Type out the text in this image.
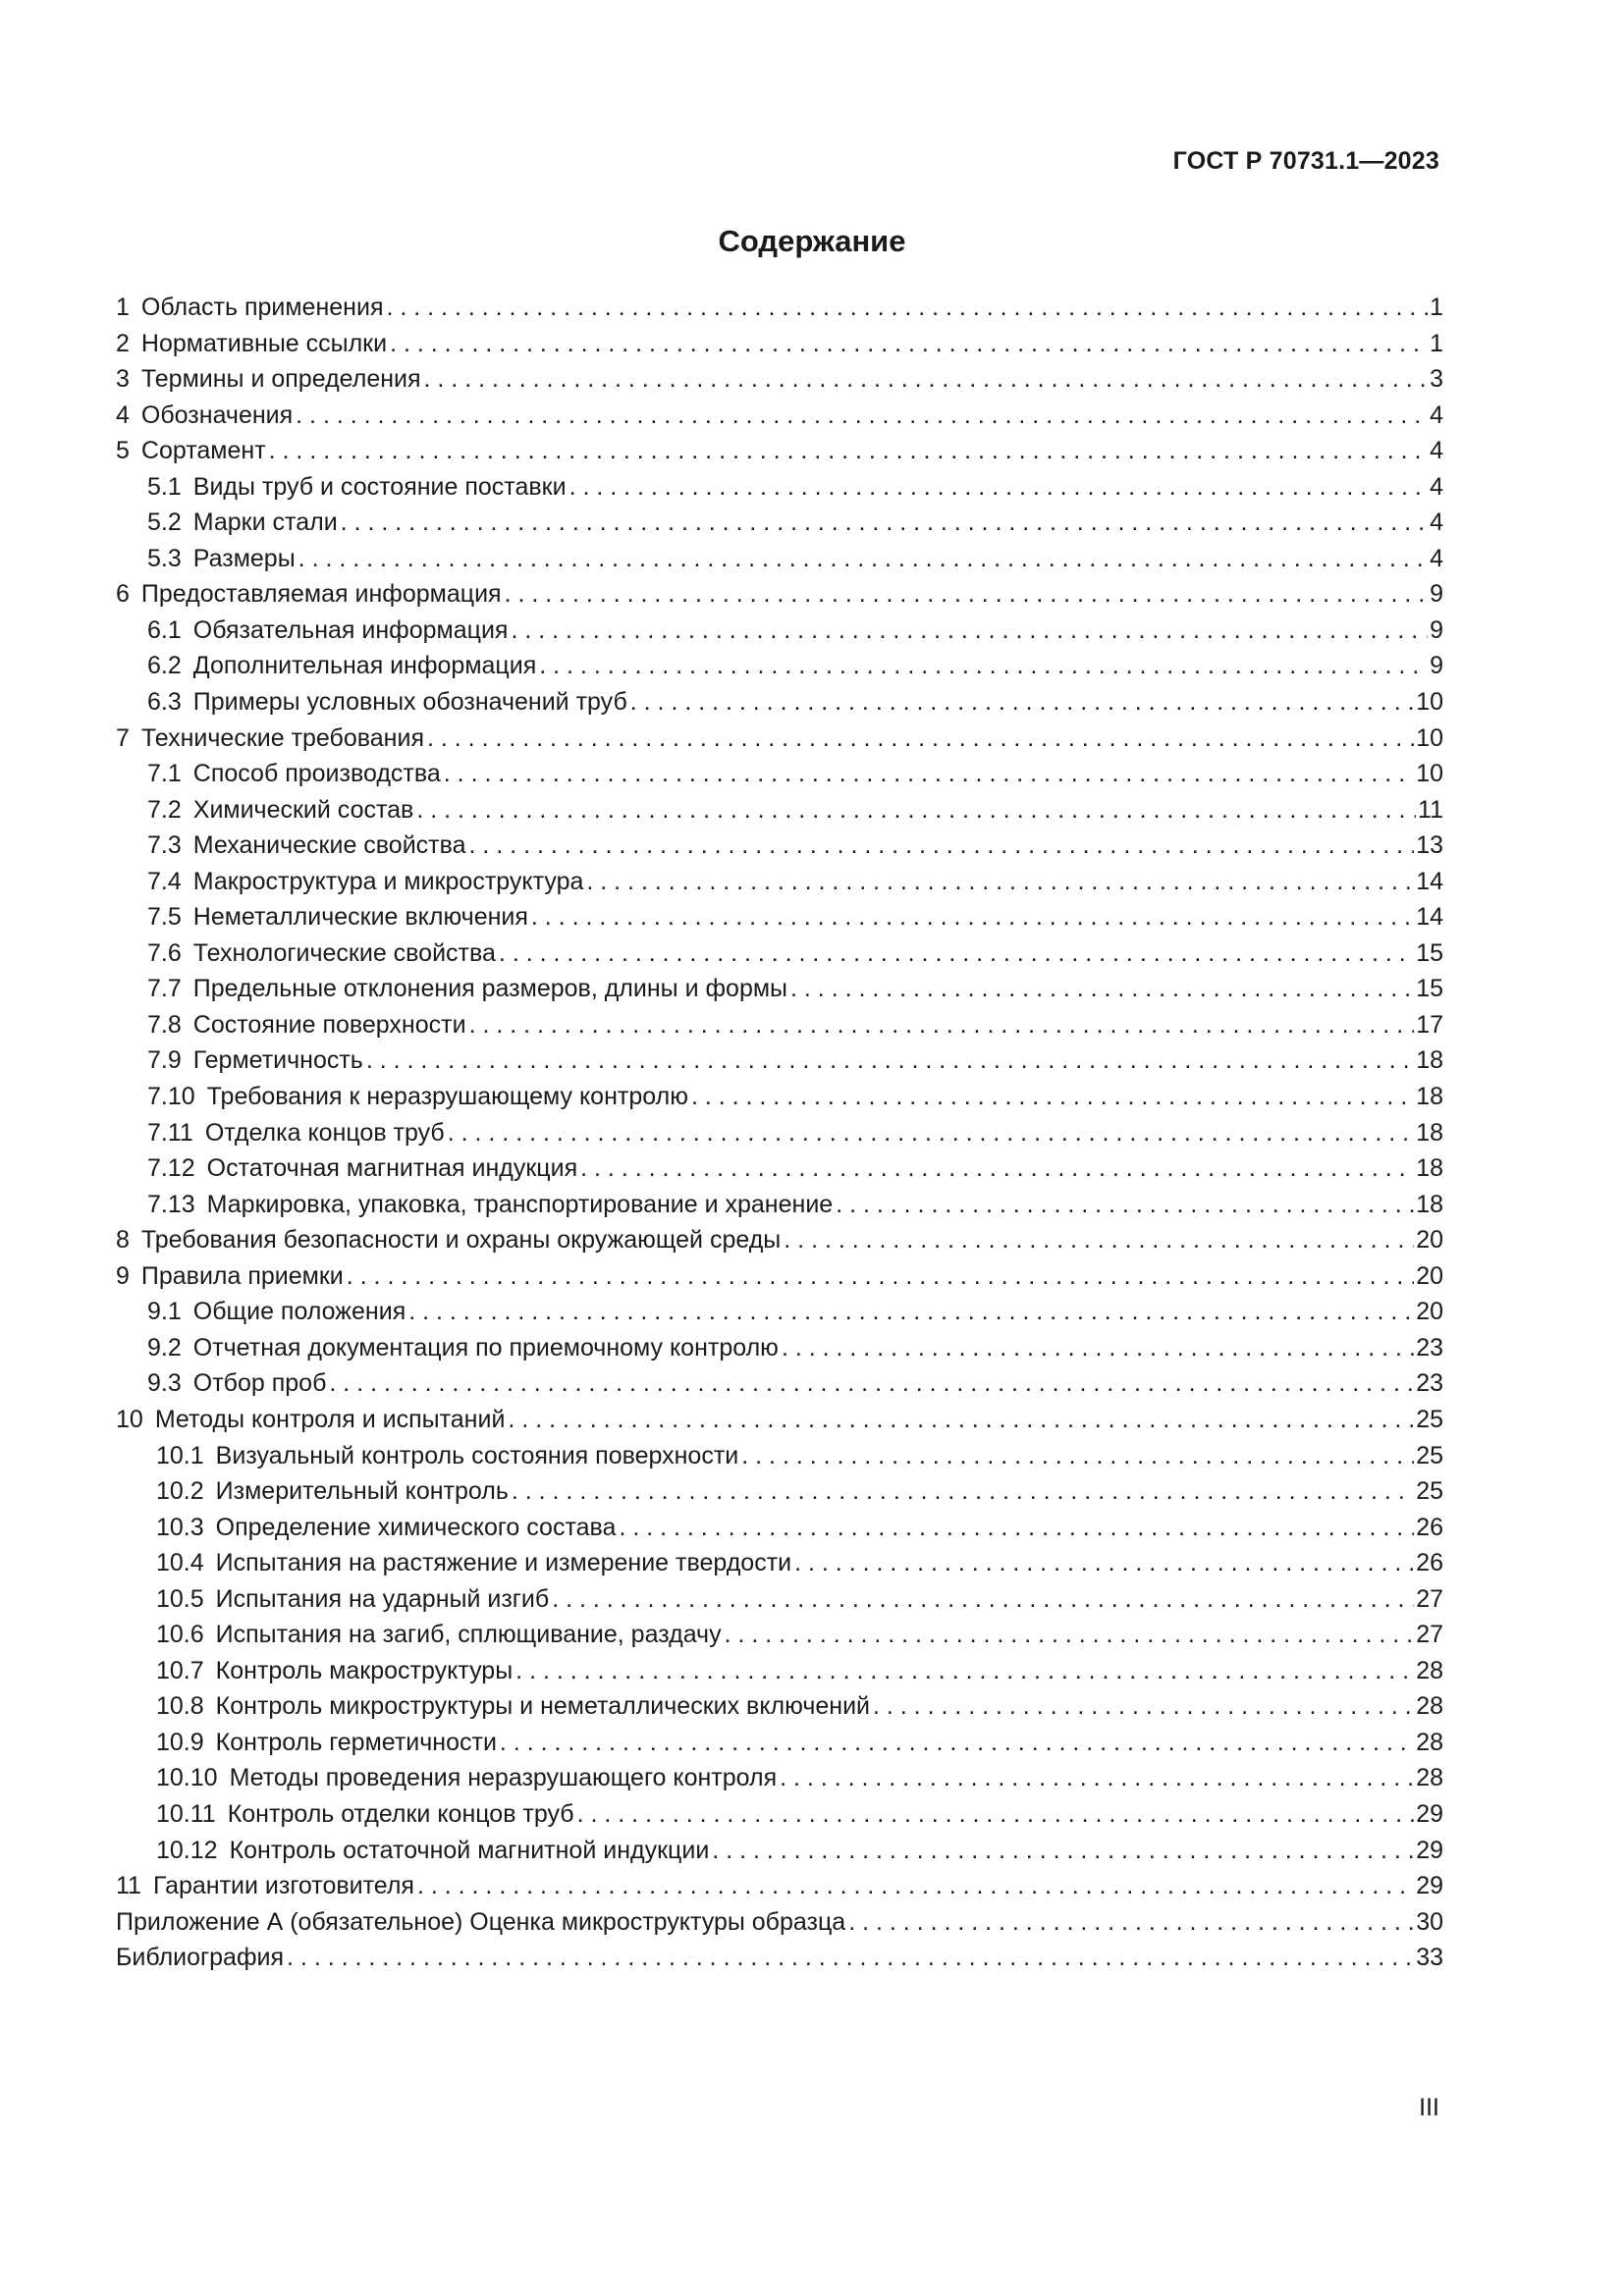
ГОСТ Р 70731.1—2023
Содержание
1 Область применения . . .	1
2 Нормативные ссылки . . .	1
3 Термины и определения . . .	3
4 Обозначения . . .	4
5 Сортамент . . .	4
5.1 Виды труб и состояние поставки . . .	4
5.2 Марки стали . . .	4
5.3 Размеры . . .	4
6 Предоставляемая информация . . .	9
6.1 Обязательная информация . . .	9
6.2 Дополнительная информация . . .	9
6.3 Примеры условных обозначений труб . . .	10
7 Технические требования . . .	10
7.1 Способ производства . . .	10
7.2 Химический состав . . .	11
7.3 Механические свойства . . .	13
7.4 Макроструктура и микроструктура . . .	14
7.5 Неметаллические включения . . .	14
7.6 Технологические свойства . . .	15
7.7 Предельные отклонения размеров, длины и формы . . .	15
7.8 Состояние поверхности . . .	17
7.9 Герметичность . . .	18
7.10 Требования к неразрушающему контролю . . .	18
7.11 Отделка концов труб . . .	18
7.12 Остаточная магнитная индукция . . .	18
7.13 Маркировка, упаковка, транспортирование и хранение . . .	18
8 Требования безопасности и охраны окружающей среды . . .	20
9 Правила приемки . . .	20
9.1 Общие положения . . .	20
9.2 Отчетная документация по приемочному контролю . . .	23
9.3 Отбор проб . . .	23
10 Методы контроля и испытаний . . .	25
10.1 Визуальный контроль состояния поверхности . . .	25
10.2 Измерительный контроль . . .	25
10.3 Определение химического состава . . .	26
10.4 Испытания на растяжение и измерение твердости . . .	26
10.5 Испытания на ударный изгиб . . .	27
10.6 Испытания на загиб, сплющивание, раздачу . . .	27
10.7 Контроль макроструктуры . . .	28
10.8 Контроль микроструктуры и неметаллических включений . . .	28
10.9 Контроль герметичности . . .	28
10.10 Методы проведения неразрушающего контроля . . .	28
10.11 Контроль отделки концов труб . . .	29
10.12 Контроль остаточной магнитной индукции . . .	29
11 Гарантии изготовителя . . .	29
Приложение А (обязательное) Оценка микроструктуры образца . . .	30
Библиография . . .	33
III
